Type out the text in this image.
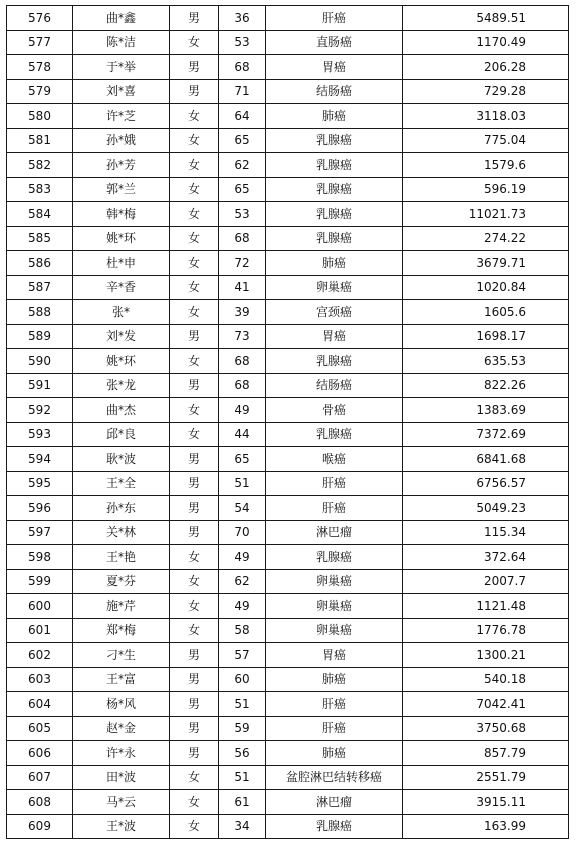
576	曲*鑫	男	36	肝癌	5489.51
577	陈*洁	女	53	直肠癌	1170.49
578	于*举	男	68	胃癌	206.28
579	刘*喜	男	71	结肠癌	729.28
580	许*芝	女	64	肺癌	3118.03
581	孙*娥	女	65	乳腺癌	775.04
582	孙*芳	女	62	乳腺癌	1579.6
583	郭*兰	女	65	乳腺癌	596.19
584	韩*梅	女	53	乳腺癌	11021.73
585	姚*环	女	68	乳腺癌	274.22
586	杜*申	女	72	肺癌	3679.71
587	辛*香	女	41	卵巢癌	1020.84
588	张*	女	39	宫颈癌	1605.6
589	刘*发	男	73	胃癌	1698.17
590	姚*环	女	68	乳腺癌	635.53
591	张*龙	男	68	结肠癌	822.26
592	曲*杰	女	49	骨癌	1383.69
593	邱*良	女	44	乳腺癌	7372.69
594	耿*波	男	65	喉癌	6841.68
595	王*全	男	51	肝癌	6756.57
596	孙*东	男	54	肝癌	5049.23
597	关*林	男	70	淋巴瘤	115.34
598	王*艳	女	49	乳腺癌	372.64
599	夏*芬	女	62	卵巢癌	2007.7
600	施*芹	女	49	卵巢癌	1121.48
601	郑*梅	女	58	卵巢癌	1776.78
602	刁*生	男	57	胃癌	1300.21
603	王*富	男	60	肺癌	540.18
604	杨*风	男	51	肝癌	7042.41
605	赵*金	男	59	肝癌	3750.68
606	许*永	男	56	肺癌	857.79
607	田*波	女	51	盆腔淋巴结转移癌	2551.79
608	马*云	女	61	淋巴瘤	3915.11
609	王*波	女	34	乳腺癌	163.99
